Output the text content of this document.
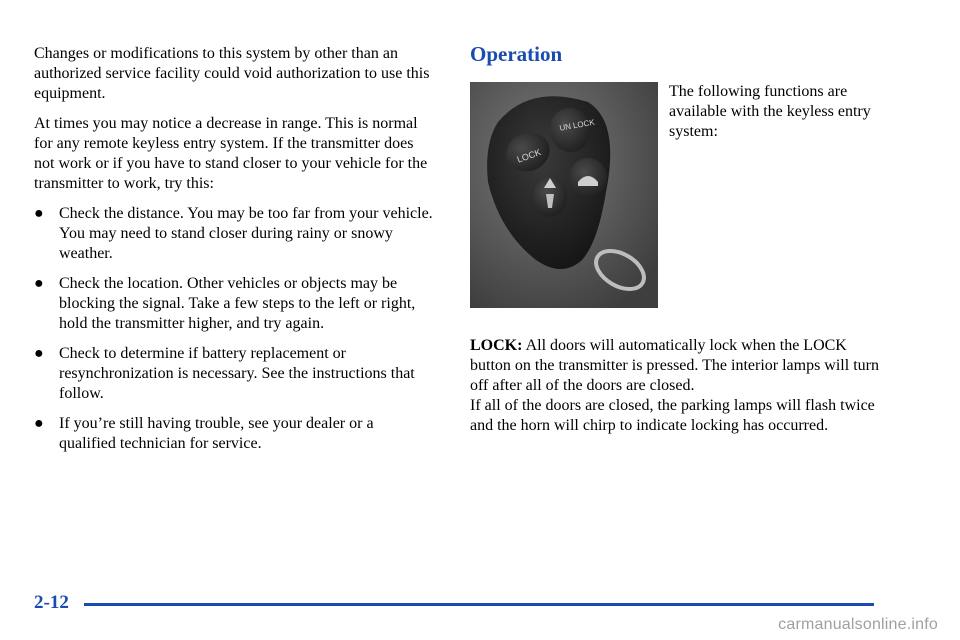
Changes or modifications to this system by other than an authorized service facility could void authorization to use this equipment.

At times you may notice a decrease in range. This is normal for any remote keyless entry system. If the transmitter does not work or if you have to stand closer to your vehicle for the transmitter to work, try this:

● Check the distance. You may be too far from your vehicle. You may need to stand closer during rainy or snowy weather.
● Check the location. Other vehicles or objects may be blocking the signal. Take a few steps to the left or right, hold the transmitter higher, and try again.
● Check to determine if battery replacement or resynchronization is necessary. See the instructions that follow.
● If you’re still having trouble, see your dealer or a qualified technician for service.
Operation
LOCK
UN LOCK

The following functions are available with the keyless entry system:

LOCK: All doors will automatically lock when the LOCK button on the transmitter is pressed. The interior lamps will turn off after all of the doors are closed.

If all of the doors are closed, the parking lamps will flash twice and the horn will chirp to indicate locking has occurred.

2-12
carmanualsonline.info
